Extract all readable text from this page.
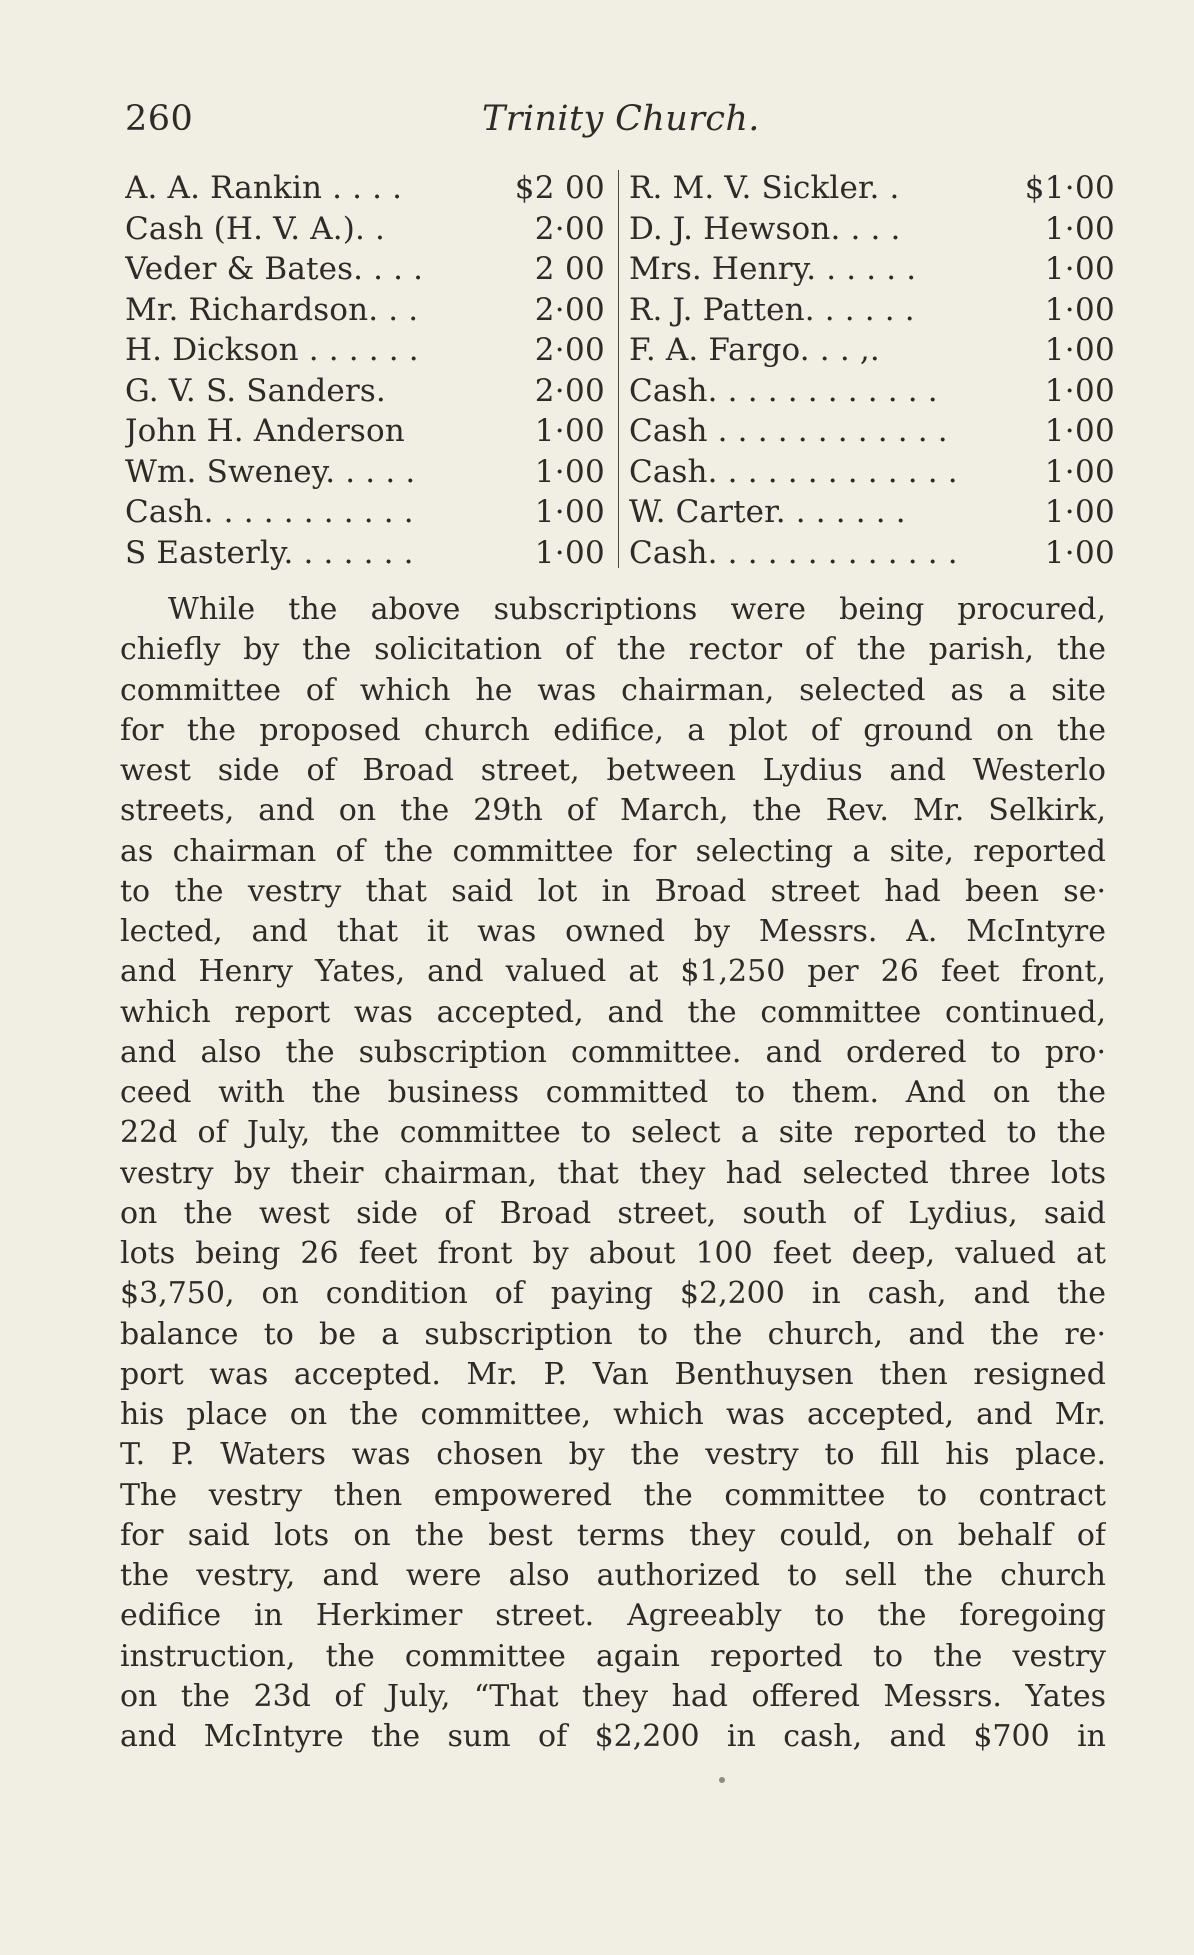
260	Trinity Church.
A. A. Rankin . . . .	$2 00
Cash (H. V. A.). .	2·00
Veder & Bates. . . .	2 00
Mr. Richardson. . .	2·00
H. Dickson . . . . . .	2·00
G. V. S. Sanders.	2·00
John H. Anderson	1·00
Wm. Sweney. . . . .	1·00
Cash. . . . . . . . . . .	1·00
S Easterly. . . . . . .	1·00
R. M. V. Sickler. .	$1·00
D. J. Hewson. . . .	1·00
Mrs. Henry. . . . . .	1·00
R. J. Patten. . . . . .	1·00
F. A. Fargo. . . ,.	1·00
Cash. . . . . . . . . . . .	1·00
Cash . . . . . . . . . . . .	1·00
Cash. . . . . . . . . . . . .	1·00
W. Carter. . . . . . .	1·00
Cash. . . . . . . . . . . . .	1·00
While the above subscriptions were being procured,
chiefly by the solicitation of the rector of the parish, the
committee of which he was chairman, selected as a site
for the proposed church edifice, a plot of ground on the
west side of Broad street, between Lydius and Westerlo
streets, and on the 29th of March, the Rev. Mr. Selkirk,
as chairman of the committee for selecting a site, reported
to the vestry that said lot in Broad street had been se·
lected, and that it was owned by Messrs. A. McIntyre
and Henry Yates, and valued at $1,250 per 26 feet front,
which report was accepted, and the committee continued,
and also the subscription committee. and ordered to pro·
ceed with the business committed to them. And on the
22d of July, the committee to select a site reported to the
vestry by their chairman, that they had selected three lots
on the west side of Broad street, south of Lydius, said
lots being 26 feet front by about 100 feet deep, valued at
$3,750, on condition of paying $2,200 in cash, and the
balance to be a subscription to the church, and the re·
port was accepted. Mr. P. Van Benthuysen then resigned
his place on the committee, which was accepted, and Mr.
T. P. Waters was chosen by the vestry to fill his place.
The vestry then empowered the committee to contract
for said lots on the best terms they could, on behalf of
the vestry, and were also authorized to sell the church
edifice in Herkimer street. Agreeably to the foregoing
instruction, the committee again reported to the vestry
on the 23d of July, “That they had offered Messrs. Yates
and McIntyre the sum of $2,200 in cash, and $700 in
